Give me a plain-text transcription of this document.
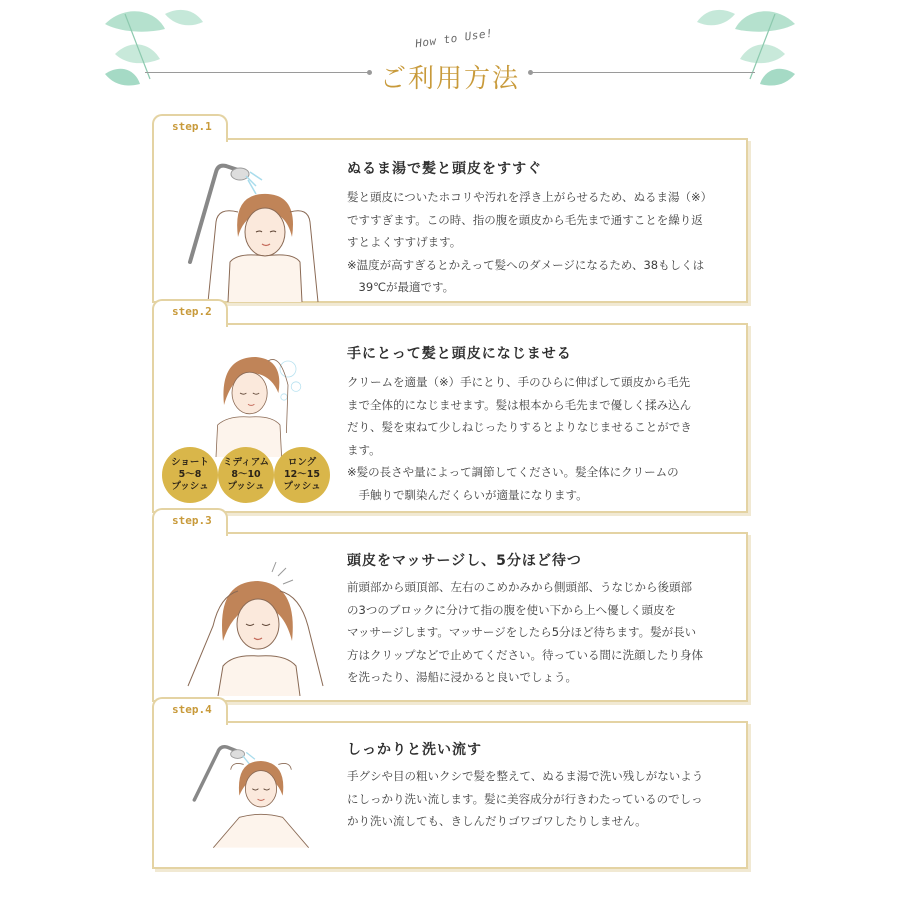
How to Use!
ご利用方法
step.1
ぬるま湯で髪と頭皮をすすぐ

髪と頭皮についたホコリや汚れを浮き上がらせるため、ぬるま湯（※）

ですすぎます。この時、指の腹を頭皮から毛先まで通すことを繰り返

すとよくすすげます。

※温度が高すぎるとかえって髪へのダメージになるため、38もしくは

　39℃が最適です。

step.2
ショート
5〜8
プッシュ
ミディアム
8〜10
プッシュ
ロング
12〜15
プッシュ
手にとって髪と頭皮になじませる

クリームを適量（※）手にとり、手のひらに伸ばして頭皮から毛先

まで全体的になじませます。髪は根本から毛先まで優しく揉み込ん

だり、髪を束ねて少しねじったりするとよりなじませることができ

ます。

※髪の長さや量によって調節してください。髪全体にクリームの

　手触りで馴染んだくらいが適量になります。

step.3
頭皮をマッサージし、5分ほど待つ

前頭部から頭頂部、左右のこめかみから側頭部、うなじから後頭部

の3つのブロックに分けて指の腹を使い下から上へ優しく頭皮を

マッサージします。マッサージをしたら5分ほど待ちます。髪が長い

方はクリップなどで止めてください。待っている間に洗顔したり身体

を洗ったり、湯船に浸かると良いでしょう。

step.4
しっかりと洗い流す

手グシや目の粗いクシで髪を整えて、ぬるま湯で洗い残しがないよう

にしっかり洗い流します。髪に美容成分が行きわたっているのでしっ

かり洗い流しても、きしんだりゴワゴワしたりしません。
